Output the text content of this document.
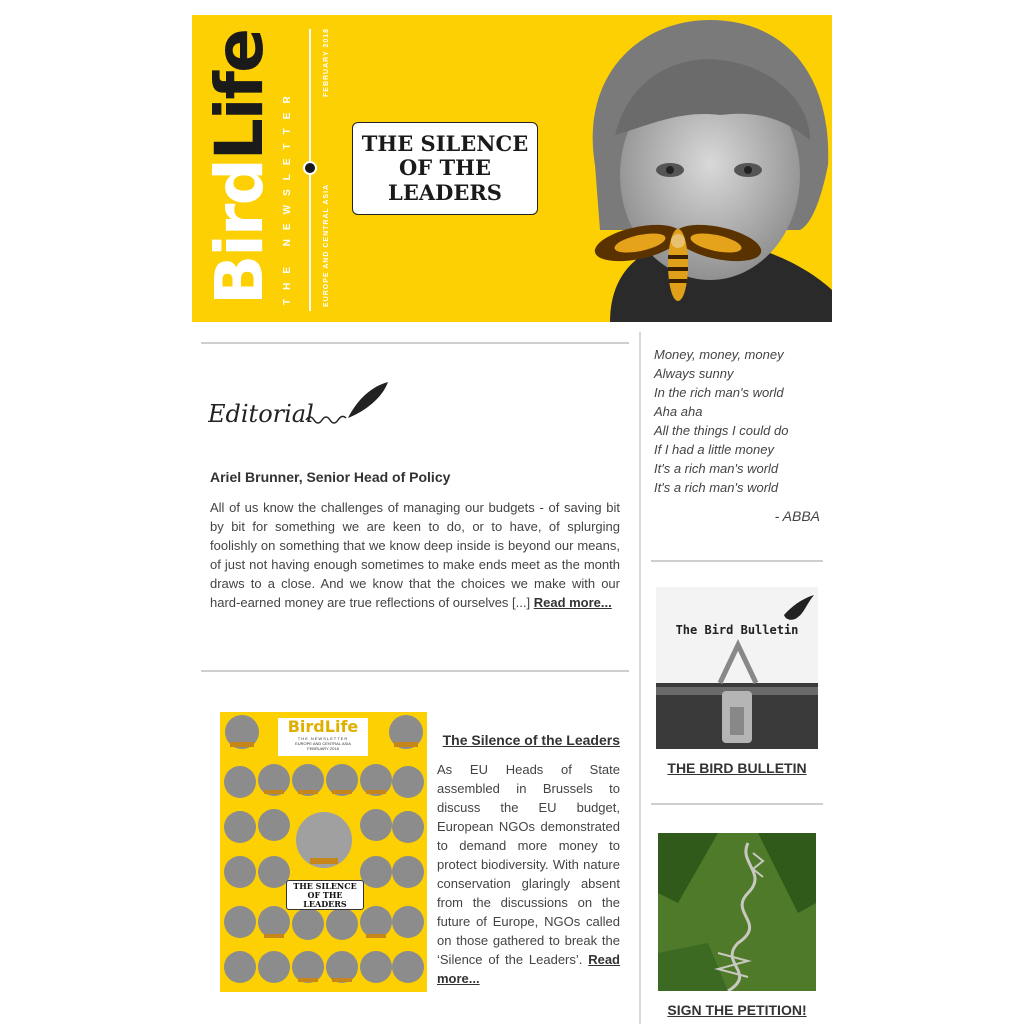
BirdLife THE NEWSLETTER
FEBRUARY 2018
EUROPE AND CENTRAL ASIA
THE SILENCE OF THE LEADERS
Editorial
Ariel Brunner, Senior Head of Policy

All of us know the challenges of managing our budgets - of saving bit by bit for something we are keen to do, or to have, of splurging foolishly on something that we know deep inside is beyond our means, of just not having enough sometimes to make ends meet as the month draws to a close. And we know that the choices we make with our hard-earned money are true reflections of ourselves [...] Read more...

BirdLife
THE NEWSLETTER
EUROPE AND CENTRAL ASIA
FEBRUARY 2018
THE SILENCE OF THE LEADERS
The Silence of the Leaders

As EU Heads of State assembled in Brussels to discuss the EU budget, European NGOs demonstrated to demand more money to protect biodiversity. With nature conservation glaringly absent from the discussions on the future of Europe, NGOs called on those gathered to break the ‘Silence of the Leaders’. Read more...

Money, money, money
Always sunny
In the rich man's world
Aha aha
All the things I could do
If I had a little money
It's a rich man's world
It's a rich man's world
- ABBA
The Bird Bulletin
THE BIRD BULLETIN
SIGN THE PETITION!
